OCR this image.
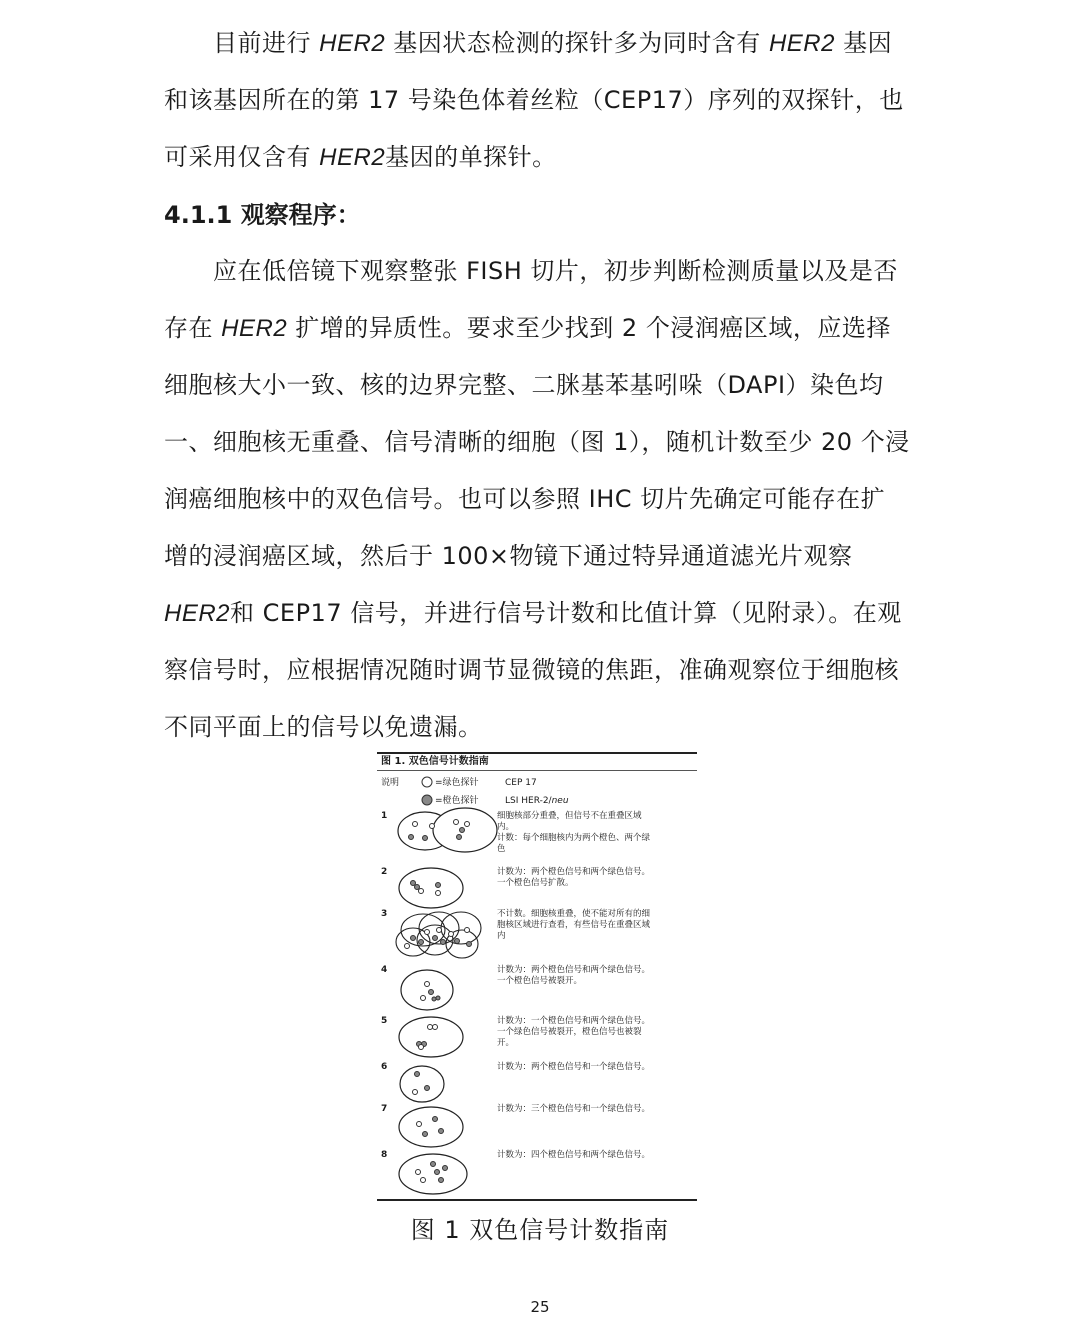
　　目前进行 HER2 基因状态检测的探针多为同时含有 HER2 基因
和该基因所在的第 17 号染色体着丝粒（CEP17）序列的双探针，也
可采用仅含有 HER2基因的单探针。
4.1.1 观察程序：
　　应在低倍镜下观察整张 FISH 切片，初步判断检测质量以及是否
存在 HER2 扩增的异质性。要求至少找到 2 个浸润癌区域，应选择
细胞核大小一致、核的边界完整、二脒基苯基吲哚（DAPI）染色均
一、细胞核无重叠、信号清晰的细胞（图 1），随机计数至少 20 个浸
润癌细胞核中的双色信号。也可以参照 IHC 切片先确定可能存在扩
增的浸润癌区域，然后于 100×物镜下通过特异通道滤光片观察
HER2和 CEP17 信号，并进行信号计数和比值计算（见附录）。在观
察信号时，应根据情况随时调节显微镜的焦距，准确观察位于细胞核
不同平面上的信号以免遗漏。
图 1. 双色信号计数指南
说明	=绿色探针	CEP 17
=橙色探针	LSI HER-2/neu
1	细胞核部分重叠，但信号不在重叠区域
内。
计数：每个细胞核内为两个橙色、两个绿
色
2	计数为：两个橙色信号和两个绿色信号。
一个橙色信号扩散。
3	不计数。细胞核重叠，使不能对所有的细
胞核区域进行查看，有些信号在重叠区域
内
4	计数为：两个橙色信号和两个绿色信号。
一个橙色信号被裂开。
5	计数为：一个橙色信号和两个绿色信号。
一个绿色信号被裂开，橙色信号也被裂
开。
6	计数为：两个橙色信号和一个绿色信号。
7	计数为：三个橙色信号和一个绿色信号。
8	计数为：四个橙色信号和两个绿色信号。
图 1 双色信号计数指南
25
